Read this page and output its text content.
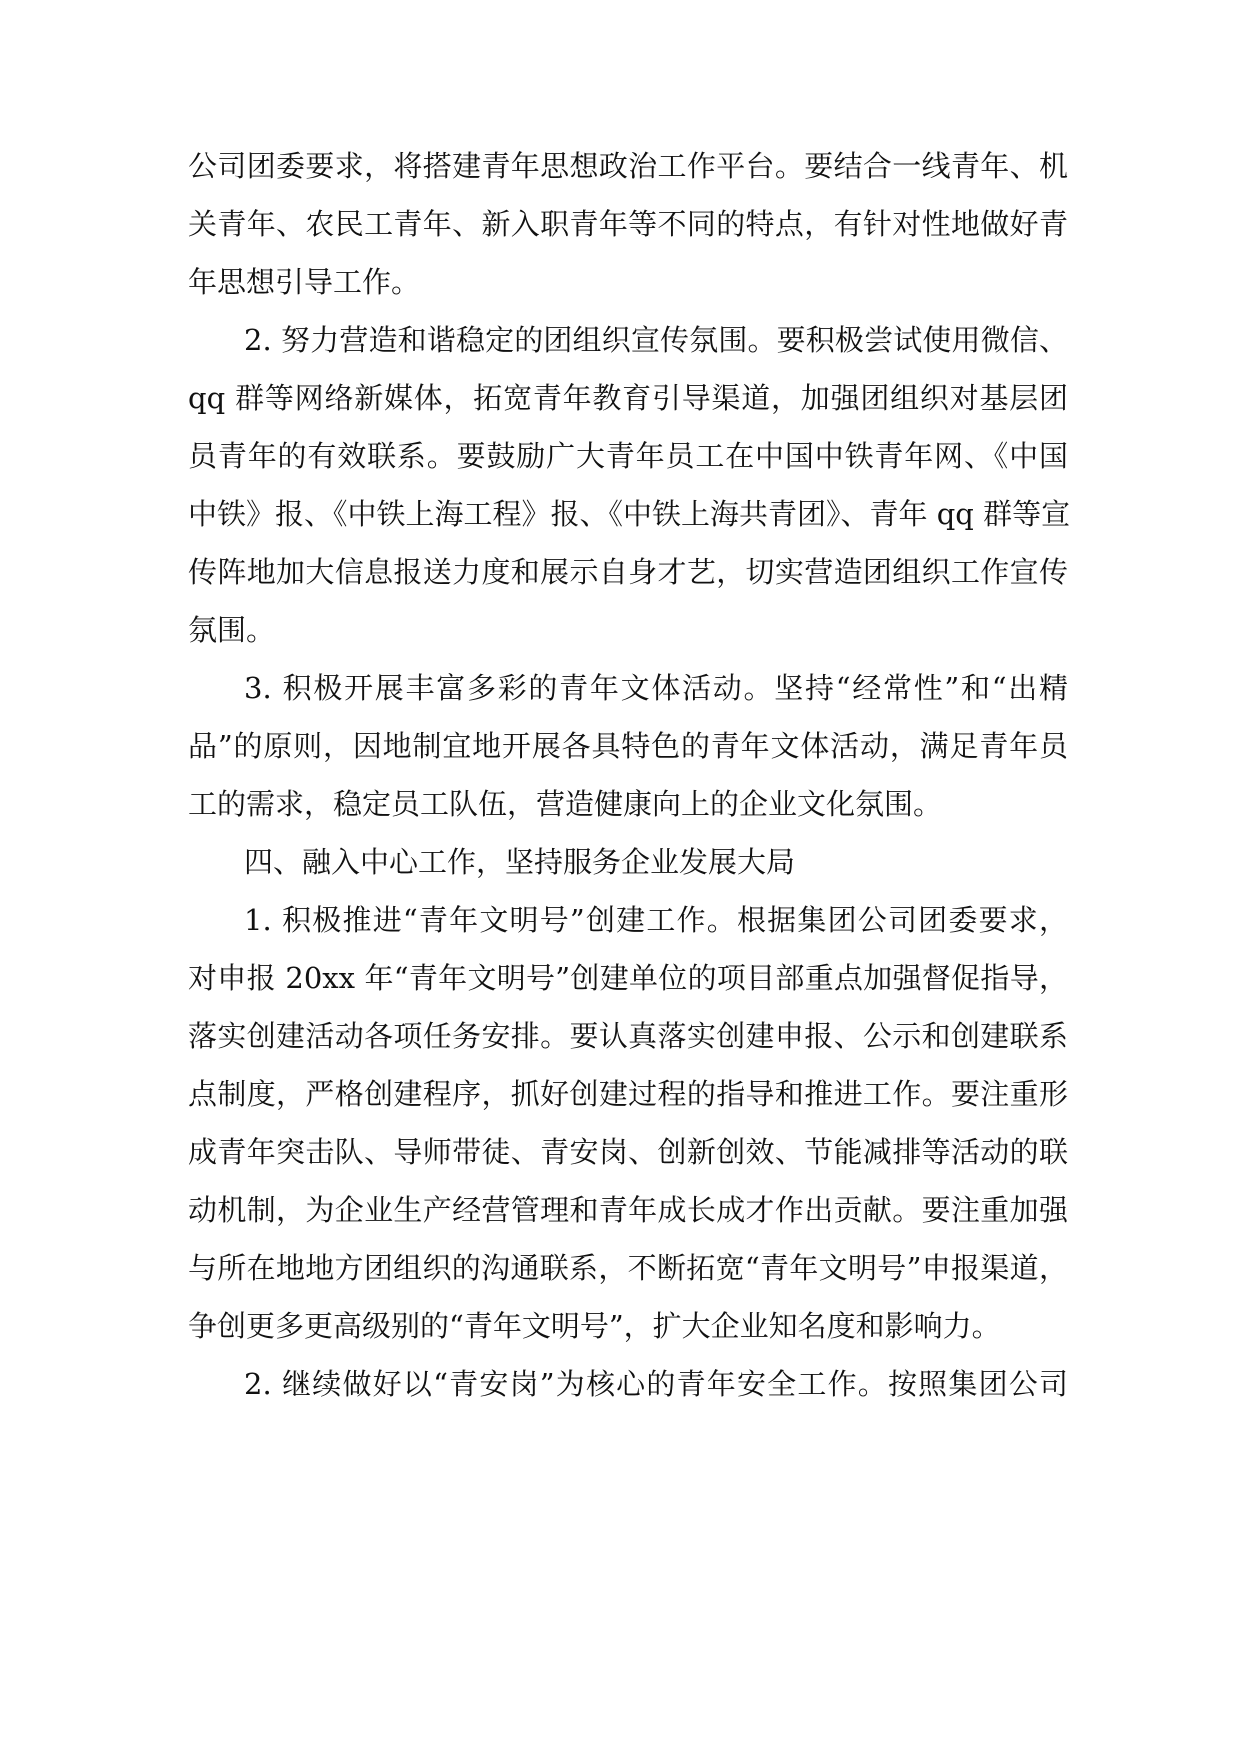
公司团委要求，将搭建青年思想政治工作平台。要结合一线青年、机
关青年、农民工青年、新入职青年等不同的特点，有针对性地做好青
年思想引导工作。
2. 努力营造和谐稳定的团组织宣传氛围。要积极尝试使用微信、
qq 群等网络新媒体，拓宽青年教育引导渠道，加强团组织对基层团
员青年的有效联系。要鼓励广大青年员工在中国中铁青年网、《中国
中铁》报、《中铁上海工程》报、《中铁上海共青团》、青年 qq 群等宣
传阵地加大信息报送力度和展示自身才艺，切实营造团组织工作宣传
氛围。
3. 积极开展丰富多彩的青年文体活动。坚持“经常性”和“出精
品”的原则，因地制宜地开展各具特色的青年文体活动，满足青年员
工的需求，稳定员工队伍，营造健康向上的企业文化氛围。
四、融入中心工作，坚持服务企业发展大局
1. 积极推进“青年文明号”创建工作。根据集团公司团委要求，
对申报 20xx 年“青年文明号”创建单位的项目部重点加强督促指导，
落实创建活动各项任务安排。要认真落实创建申报、公示和创建联系
点制度，严格创建程序，抓好创建过程的指导和推进工作。要注重形
成青年突击队、导师带徒、青安岗、创新创效、节能减排等活动的联
动机制，为企业生产经营管理和青年成长成才作出贡献。要注重加强
与所在地地方团组织的沟通联系，不断拓宽“青年文明号”申报渠道，
争创更多更高级别的“青年文明号”，扩大企业知名度和影响力。
2. 继续做好以“青安岗”为核心的青年安全工作。按照集团公司
